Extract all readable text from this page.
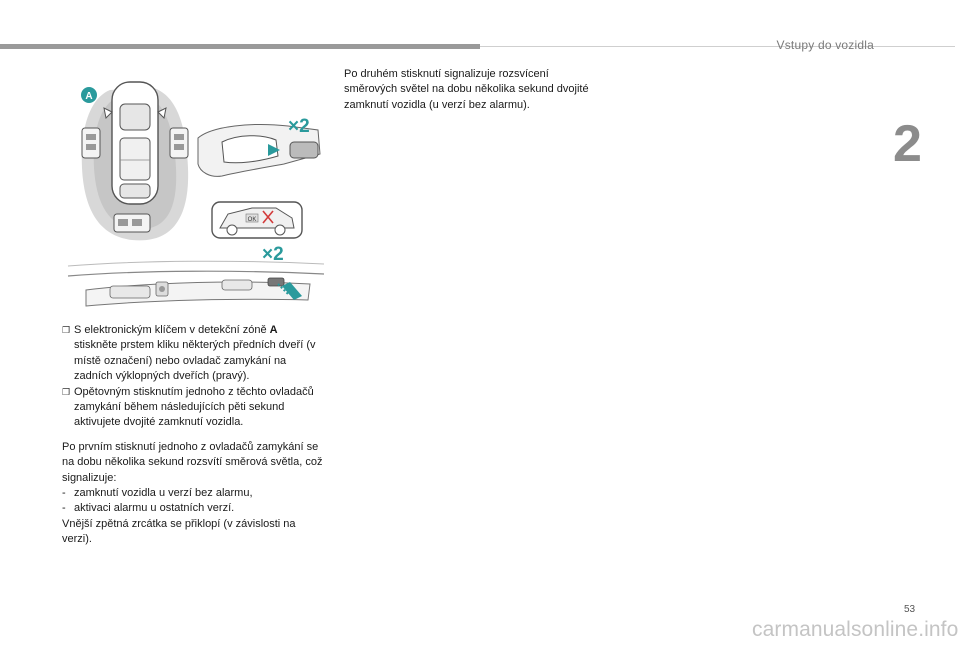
Vstupy do vozidla
2
A
×2
OK
×2
❒ S elektronickým klíčem v detekční zóně A stiskněte prstem kliku některých předních dveří (v místě označení) nebo ovladač zamykání na zadních výklopných dveřích (pravý).
❒ Opětovným stisknutím jednoho z těchto ovladačů zamykání během následujících pěti sekund aktivujete dvojité zamknutí vozidla.
Po prvním stisknutí jednoho z ovladačů zamykání se na dobu několika sekund rozsvítí směrová světla, což signalizuje:
- zamknutí vozidla u verzí bez alarmu,
- aktivaci alarmu u ostatních verzí.
Vnější zpětná zrcátka se přiklopí (v závislosti na verzi).
Po druhém stisknutí signalizuje rozsvícení směrových světel na dobu několika sekund dvojité zamknutí vozidla (u verzí bez alarmu).
53
carmanualsonline.info
